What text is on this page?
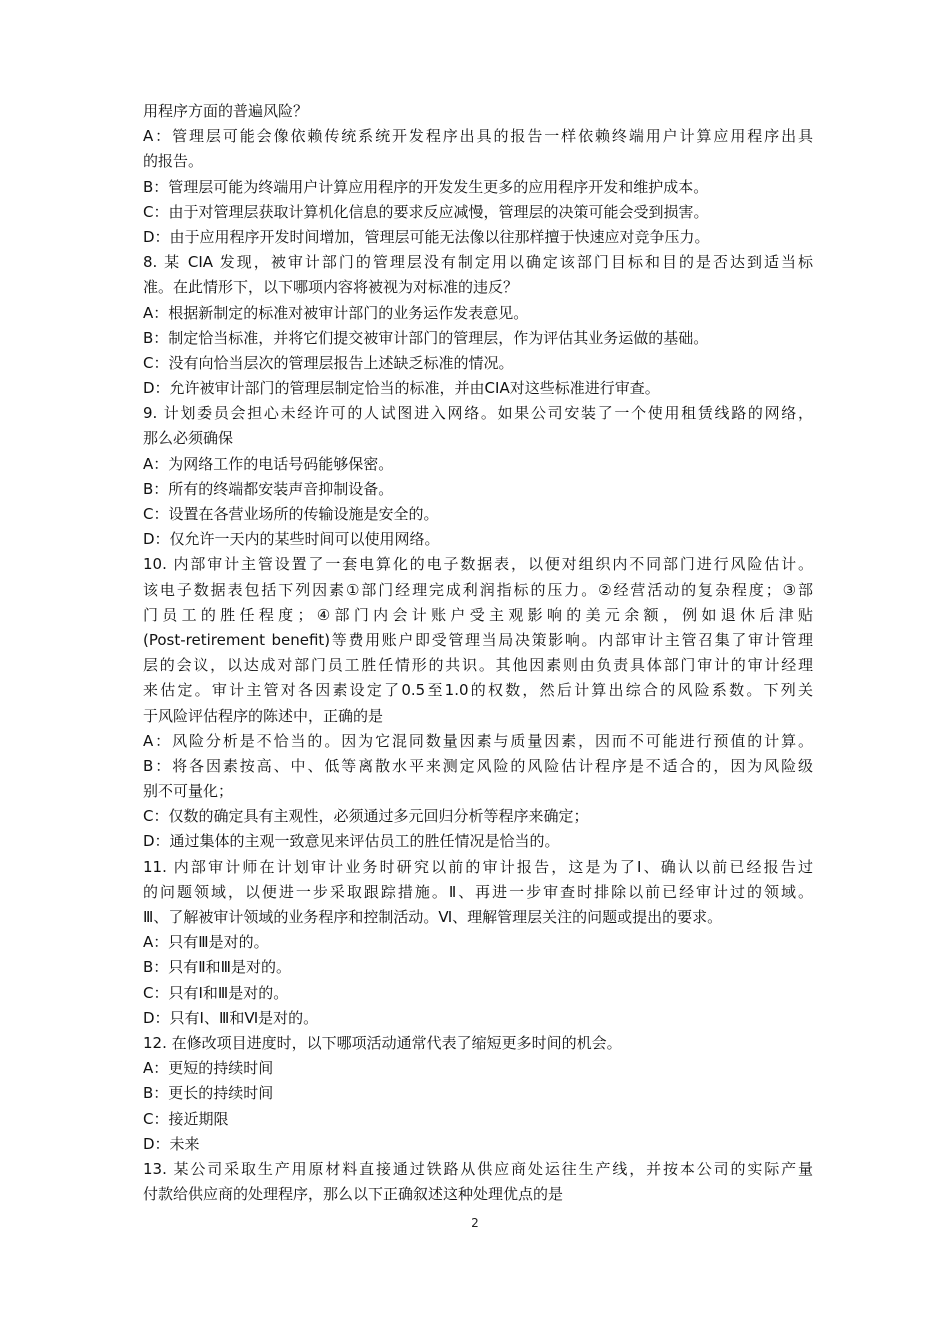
用程序方面的普遍风险？
A：管理层可能会像依赖传统系统开发程序出具的报告一样依赖终端用户计算应用程序出具
的报告。
B：管理层可能为终端用户计算应用程序的开发发生更多的应用程序开发和维护成本。
C：由于对管理层获取计算机化信息的要求反应减慢，管理层的决策可能会受到损害。
D：由于应用程序开发时间增加，管理层可能无法像以往那样擅于快速应对竞争压力。
8. 某 CIA 发现，被审计部门的管理层没有制定用以确定该部门目标和目的是否达到适当标
准。在此情形下，以下哪项内容将被视为对标准的违反？
A：根据新制定的标准对被审计部门的业务运作发表意见。
B：制定恰当标准，并将它们提交被审计部门的管理层，作为评估其业务运做的基础。
C：没有向恰当层次的管理层报告上述缺乏标准的情况。
D：允许被审计部门的管理层制定恰当的标准，并由CIA对这些标准进行审查。
9. 计划委员会担心未经许可的人试图进入网络。如果公司安装了一个使用租赁线路的网络，
那么必须确保
A：为网络工作的电话号码能够保密。
B：所有的终端都安装声音抑制设备。
C：设置在各营业场所的传输设施是安全的。
D：仅允许一天内的某些时间可以使用网络。
10. 内部审计主管设置了一套电算化的电子数据表，以便对组织内不同部门进行风险估计。
该电子数据表包括下列因素①部门经理完成利润指标的压力。②经营活动的复杂程度；③部
门员工的胜任程度；④部门内会计账户受主观影响的美元余额，例如退休后津贴
(Post-retirement benefit)等费用账户即受管理当局决策影响。内部审计主管召集了审计管理
层的会议，以达成对部门员工胜任情形的共识。其他因素则由负责具体部门审计的审计经理
来估定。审计主管对各因素设定了0.5至1.0的权数，然后计算出综合的风险系数。下列关
于风险评估程序的陈述中，正确的是
A：风险分析是不恰当的。因为它混同数量因素与质量因素，因而不可能进行预值的计算。
B：将各因素按高、中、低等离散水平来测定风险的风险估计程序是不适合的，因为风险级
别不可量化；
C：仅数的确定具有主观性，必须通过多元回归分析等程序来确定；
D：通过集体的主观一致意见来评估员工的胜任情况是恰当的。
11. 内部审计师在计划审计业务时研究以前的审计报告，这是为了Ⅰ、确认以前已经报告过
的问题领域，以便进一步采取跟踪措施。Ⅱ、再进一步审查时排除以前已经审计过的领域。
Ⅲ、了解被审计领域的业务程序和控制活动。Ⅵ、理解管理层关注的问题或提出的要求。
A：只有Ⅲ是对的。
B：只有Ⅱ和Ⅲ是对的。
C：只有Ⅰ和Ⅲ是对的。
D：只有Ⅰ、Ⅲ和Ⅵ是对的。
12. 在修改项目进度时，以下哪项活动通常代表了缩短更多时间的机会。
A：更短的持续时间
B：更长的持续时间
C：接近期限
D：未来
13. 某公司采取生产用原材料直接通过铁路从供应商处运往生产线，并按本公司的实际产量
付款给供应商的处理程序，那么以下正确叙述这种处理优点的是
2
